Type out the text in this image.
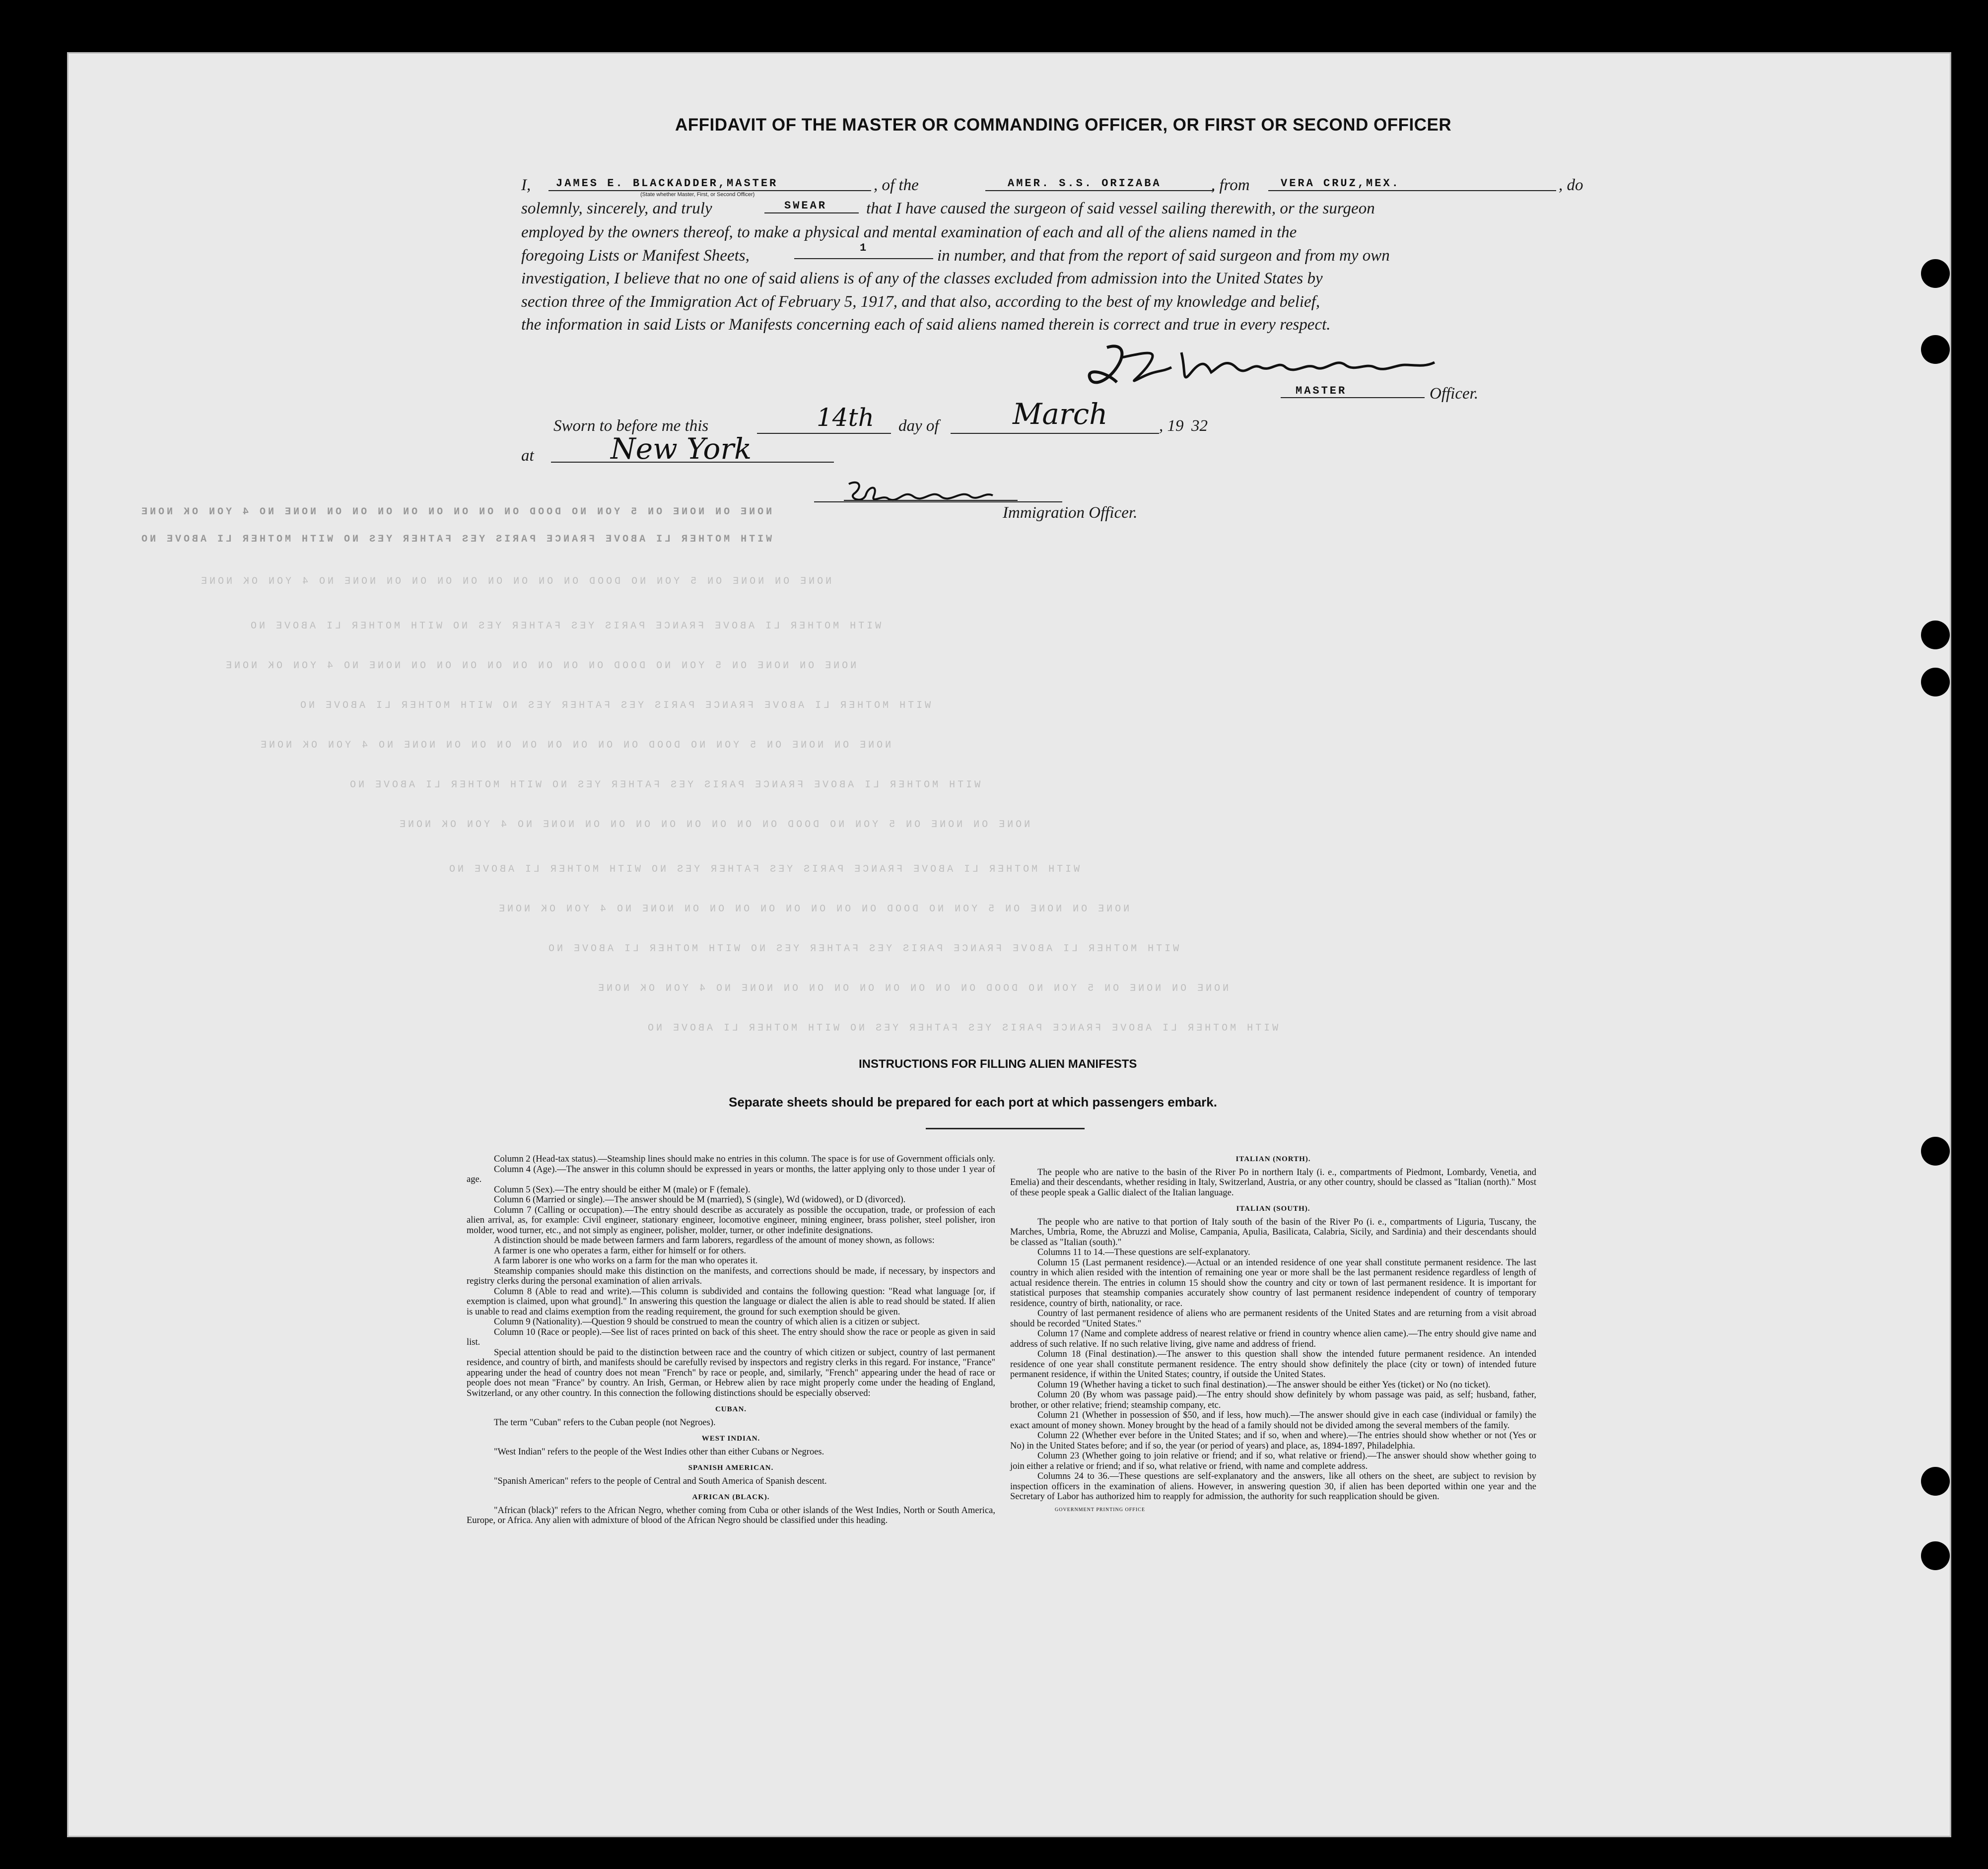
WITH MOTHER LI ABOVE FRANCE PARIS YES FATHER YES NO WITH MOTHER LI ABOVE NO
NONE ON NONE ON 5 YON NO DOOD ON ON ON ON ON ON ON ON NONE NO 4 YON OK NONE
NONE ON NONE ON 5 YON NO DOOD ON ON ON ON ON ON ON ON NONE NO 4 YON OK NONE
WITH MOTHER LI ABOVE FRANCE PARIS YES FATHER YES NO WITH MOTHER LI ABOVE NO
NONE ON NONE ON 5 YON NO DOOD ON ON ON ON ON ON ON ON NONE NO 4 YON OK NONE
WITH MOTHER LI ABOVE FRANCE PARIS YES FATHER YES NO WITH MOTHER LI ABOVE NO
NONE ON NONE ON 5 YON NO DOOD ON ON ON ON ON ON ON ON NONE NO 4 YON OK NONE
WITH MOTHER LI ABOVE FRANCE PARIS YES FATHER YES NO WITH MOTHER LI ABOVE NO
NONE ON NONE ON 5 YON NO DOOD ON ON ON ON ON ON ON ON NONE NO 4 YON OK NONE
WITH MOTHER LI ABOVE FRANCE PARIS YES FATHER YES NO WITH MOTHER LI ABOVE NO
NONE ON NONE ON 5 YON NO DOOD ON ON ON ON ON ON ON ON NONE NO 4 YON OK NONE
WITH MOTHER LI ABOVE FRANCE PARIS YES FATHER YES NO WITH MOTHER LI ABOVE NO
NONE ON NONE ON 5 YON NO DOOD ON ON ON ON ON ON ON ON NONE NO 4 YON OK NONE
WITH MOTHER LI ABOVE FRANCE PARIS YES FATHER YES NO WITH MOTHER LI ABOVE NO
AFFIDAVIT OF THE MASTER OR COMMANDING OFFICER, OR FIRST OR SECOND OFFICER
I, JAMES E. BLACKADDER,MASTER
(State whether Master, First, or Second Officer)
, of the	AMER. S.S. ORIZABA	, from	VERA CRUZ,MEX.	, do
solemnly, sincerely, and truly	SWEAR that I have caused the surgeon of said vessel sailing therewith, or the surgeon
employed by the owners thereof, to make a physical and mental examination of each and all of the aliens named in the
foregoing Lists or Manifest Sheets,	1	in number, and that from the report of said surgeon and from my own
investigation, I believe that no one of said aliens is of any of the classes excluded from admission into the United States by
section three of the Immigration Act of February 5, 1917, and that also, according to the best of my knowledge and belief,
the information in said Lists or Manifests concerning each of said aliens named therein is correct and true in every respect.
MASTER	Officer.
Sworn to before me this	14th day of	March	, 19 32
at	New York
Immigration Officer.
INSTRUCTIONS FOR FILLING ALIEN MANIFESTS
Separate sheets should be prepared for each port at which passengers embark.

Column 2 (Head-tax status).—Steamship lines should make no entries in this column. The space is for use of Government officials only.

Column 4 (Age).—The answer in this column should be expressed in years or months, the latter applying only to those under 1 year of age.

Column 5 (Sex).—The entry should be either M (male) or F (female).

Column 6 (Married or single).—The answer should be M (married), S (single), Wd (widowed), or D (divorced).

Column 7 (Calling or occupation).—The entry should describe as accurately as possible the occupation, trade, or profession of each alien arrival, as, for example: Civil engineer, stationary engineer, locomotive engineer, mining engineer, brass polisher, steel polisher, iron molder, wood turner, etc., and not simply as engineer, polisher, molder, turner, or other indefinite designations.

A distinction should be made between farmers and farm laborers, regardless of the amount of money shown, as follows:

A farmer is one who operates a farm, either for himself or for others.

A farm laborer is one who works on a farm for the man who operates it.

Steamship companies should make this distinction on the manifests, and corrections should be made, if necessary, by inspectors and registry clerks during the personal examination of alien arrivals.

Column 8 (Able to read and write).—This column is subdivided and contains the following question: "Read what language [or, if exemption is claimed, upon what ground]." In answering this question the language or dialect the alien is able to read should be stated. If alien is unable to read and claims exemption from the reading requirement, the ground for such exemption should be given.

Column 9 (Nationality).—Question 9 should be construed to mean the country of which alien is a citizen or subject.

Column 10 (Race or people).—See list of races printed on back of this sheet. The entry should show the race or people as given in said list.

Special attention should be paid to the distinction between race and the country of which citizen or subject, country of last permanent residence, and country of birth, and manifests should be carefully revised by inspectors and registry clerks in this regard. For instance, "France" appearing under the head of country does not mean "French" by race or people, and, similarly, "French" appearing under the head of race or people does not mean "France" by country. An Irish, German, or Hebrew alien by race might properly come under the heading of England, Switzerland, or any other country. In this connection the following distinctions should be especially observed:

CUBAN.

The term "Cuban" refers to the Cuban people (not Negroes).

WEST INDIAN.

"West Indian" refers to the people of the West Indies other than either Cubans or Negroes.

SPANISH AMERICAN.

"Spanish American" refers to the people of Central and South America of Spanish descent.

AFRICAN (BLACK).

"African (black)" refers to the African Negro, whether coming from Cuba or other islands of the West Indies, North or South America, Europe, or Africa. Any alien with admixture of blood of the African Negro should be classified under this heading.

ITALIAN (NORTH).

The people who are native to the basin of the River Po in northern Italy (i. e., compartments of Piedmont, Lombardy, Venetia, and Emelia) and their descendants, whether residing in Italy, Switzerland, Austria, or any other country, should be classed as "Italian (north)." Most of these people speak a Gallic dialect of the Italian language.

ITALIAN (SOUTH).

The people who are native to that portion of Italy south of the basin of the River Po (i. e., compartments of Liguria, Tuscany, the Marches, Umbria, Rome, the Abruzzi and Molise, Campania, Apulia, Basilicata, Calabria, Sicily, and Sardinia) and their descendants should be classed as "Italian (south)."

Columns 11 to 14.—These questions are self-explanatory.

Column 15 (Last permanent residence).—Actual or an intended residence of one year shall constitute permanent residence. The last country in which alien resided with the intention of remaining one year or more shall be the last permanent residence regardless of length of actual residence therein. The entries in column 15 should show the country and city or town of last permanent residence. It is important for statistical purposes that steamship companies accurately show country of last permanent residence independent of country of temporary residence, country of birth, nationality, or race.

Country of last permanent residence of aliens who are permanent residents of the United States and are returning from a visit abroad should be recorded "United States."

Column 17 (Name and complete address of nearest relative or friend in country whence alien came).—The entry should give name and address of such relative. If no such relative living, give name and address of friend.

Column 18 (Final destination).—The answer to this question shall show the intended future permanent residence. An intended residence of one year shall constitute permanent residence. The entry should show definitely the place (city or town) of intended future permanent residence, if within the United States; country, if outside the United States.

Column 19 (Whether having a ticket to such final destination).—The answer should be either Yes (ticket) or No (no ticket).

Column 20 (By whom was passage paid).—The entry should show definitely by whom passage was paid, as self; husband, father, brother, or other relative; friend; steamship company, etc.

Column 21 (Whether in possession of $50, and if less, how much).—The answer should give in each case (individual or family) the exact amount of money shown. Money brought by the head of a family should not be divided among the several members of the family.

Column 22 (Whether ever before in the United States; and if so, when and where).—The entries should show whether or not (Yes or No) in the United States before; and if so, the year (or period of years) and place, as, 1894-1897, Philadelphia.

Column 23 (Whether going to join relative or friend; and if so, what relative or friend).—The answer should show whether going to join either a relative or friend; and if so, what relative or friend, with name and complete address.

Columns 24 to 36.—These questions are self-explanatory and the answers, like all others on the sheet, are subject to revision by inspection officers in the examination of aliens. However, in answering question 30, if alien has been deported within one year and the Secretary of Labor has authorized him to reapply for admission, the authority for such reapplication should be given.

GOVERNMENT PRINTING OFFICE
